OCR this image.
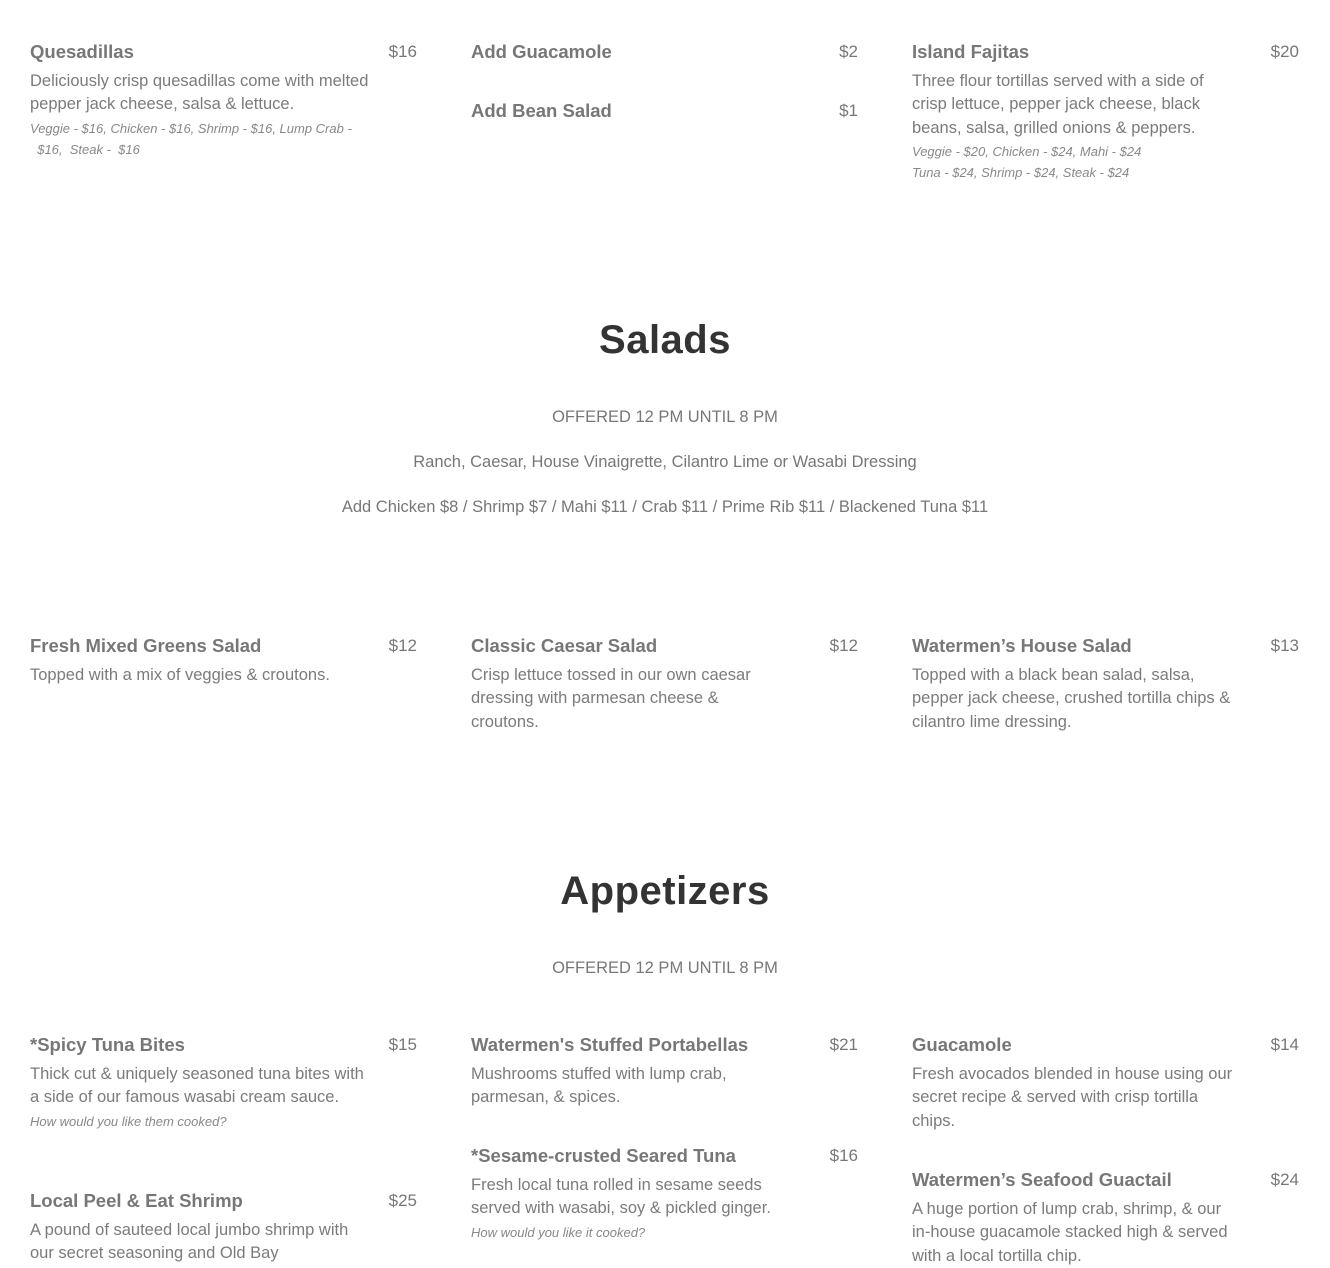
Quesadillas	$16
Deliciously crisp quesadillas come with melted pepper jack cheese, salsa & lettuce.
Veggie - $16, Chicken - $16, Shrimp - $16, Lump Crab -
$16,  Steak -  $16
Add Guacamole	$2
Add Bean Salad	$1
Island Fajitas	$20
Three flour tortillas served with a side of crisp lettuce, pepper jack cheese, black beans, salsa, grilled onions & peppers.
Veggie - $20, Chicken - $24, Mahi - $24
Tuna - $24, Shrimp - $24, Steak - $24
Salads
OFFERED 12 PM UNTIL 8 PM
Ranch, Caesar, House Vinaigrette, Cilantro Lime or Wasabi Dressing
Add Chicken $8 / Shrimp $7 / Mahi $11 / Crab $11 / Prime Rib $11 / Blackened Tuna $11
Fresh Mixed Greens Salad	$12
Topped with a mix of veggies & croutons.
Classic Caesar Salad	$12
Crisp lettuce tossed in our own caesar dressing with parmesan cheese & croutons.
Watermen’s House Salad	$13
Topped with a black bean salad, salsa, pepper jack cheese, crushed tortilla chips & cilantro lime dressing.
Appetizers
OFFERED 12 PM UNTIL 8 PM
*Spicy Tuna Bites	$15
Thick cut & uniquely seasoned tuna bites with a side of our famous wasabi cream sauce.
How would you like them cooked?
Local Peel & Eat Shrimp	$25
A pound of sauteed local jumbo shrimp with our secret seasoning and Old Bay
Watermen's Stuffed Portabellas	$21
Mushrooms stuffed with lump crab, parmesan, & spices.
*Sesame-crusted Seared Tuna	$16
Fresh local tuna rolled in sesame seeds served with wasabi, soy & pickled ginger.
How would you like it cooked?
Guacamole	$14
Fresh avocados blended in house using our secret recipe & served with crisp tortilla chips.
Watermen’s Seafood Guactail	$24
A huge portion of lump crab, shrimp, & our in-house guacamole stacked high & served with a local tortilla chip.
